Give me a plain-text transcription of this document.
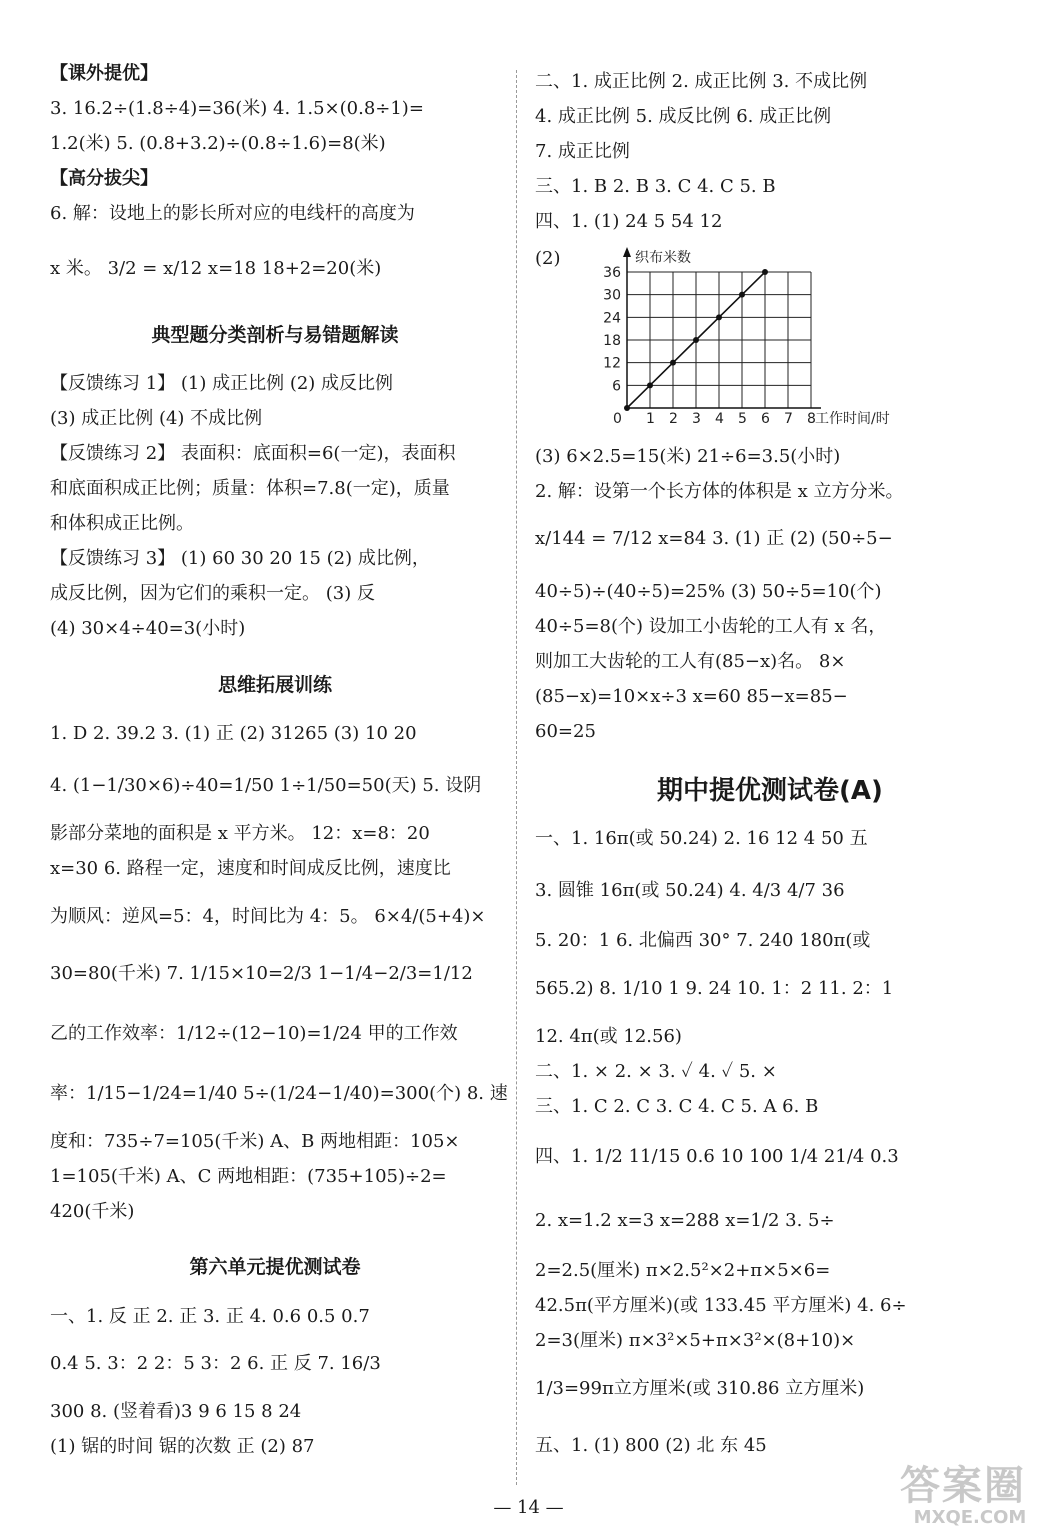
【课外提优】
3. 16.2÷(1.8÷4)=36(米) 4. 1.5×(0.8÷1)=
1.2(米) 5. (0.8+3.2)÷(0.8÷1.6)=8(米)
【高分拔尖】
6. 解：设地上的影长所对应的电线杆的高度为
x 米。 3/2 = x/12 x=18 18+2=20(米)
【反馈练习 1】 (1) 成正比例 (2) 成反比例
(3) 成正比例 (4) 不成比例
【反馈练习 2】 表面积：底面积=6(一定)，表面积
和底面积成正比例；质量：体积=7.8(一定)，质量
和体积成正比例。
【反馈练习 3】 (1) 60 30 20 15 (2) 成比例，
成反比例，因为它们的乘积一定。 (3) 反
(4) 30×4÷40=3(小时)
1. D 2. 39.2 3. (1) 正 (2) 31265 (3) 10 20
4. (1−1/30×6)÷40=1/50 1÷1/50=50(天) 5. 设阴
影部分菜地的面积是 x 平方米。 12：x=8：20
x=30 6. 路程一定，速度和时间成反比例，速度比
为顺风：逆风=5：4，时间比为 4：5。 6×4/(5+4)×
30=80(千米) 7. 1/15×10=2/3 1−1/4−2/3=1/12
乙的工作效率：1/12÷(12−10)=1/24 甲的工作效
率：1/15−1/24=1/40 5÷(1/24−1/40)=300(个) 8. 速
度和：735÷7=105(千米) A、B 两地相距：105×
1=105(千米) A、C 两地相距：(735+105)÷2=
420(千米)
一、1. 反 正 2. 正 3. 正 4. 0.6 0.5 0.7
0.4 5. 3：2 2：5 3：2 6. 正 反 7. 16/3
300 8. (竖着看)3 9 6 15 8 24
(1) 锯的时间 锯的次数 正 (2) 87
典型题分类剖析与易错题解读
思维拓展训练
第六单元提优测试卷
二、1. 成正比例 2. 成正比例 3. 不成比例
4. 成正比例 5. 成反比例 6. 成正比例
7. 成正比例
三、1. B 2. B 3. C 4. C 5. B
四、1. (1) 24 5 54 12
(2)
(3) 6×2.5=15(米) 21÷6=3.5(小时)
2. 解：设第一个长方体的体积是 x 立方分米。
x/144 = 7/12 x=84 3. (1) 正 (2) (50÷5−
40÷5)÷(40÷5)=25% (3) 50÷5=10(个)
40÷5=8(个) 设加工小齿轮的工人有 x 名，
则加工大齿轮的工人有(85−x)名。 8×
(85−x)=10×x÷3 x=60 85−x=85−
60=25
一、1. 16π(或 50.24) 2. 16 12 4 50 五
3. 圆锥 16π(或 50.24) 4. 4/3 4/7 36
5. 20：1 6. 北偏西 30° 7. 240 180π(或
565.2) 8. 1/10 1 9. 24 10. 1：2 11. 2：1
12. 4π(或 12.56)
二、1. × 2. × 3. ✓ 4. ✓ 5. ×
三、1. C 2. C 3. C 4. C 5. A 6. B
四、1. 1/2 11/15 0.6 10 100 1/4 21/4 0.3
2. x=1.2 x=3 x=288 x=1/2 3. 5÷
2=2.5(厘米) π×2.5²×2+π×5×6=
42.5π(平方厘米)(或 133.45 平方厘米) 4. 6÷
2=3(厘米) π×3²×5+π×3²×(8+10)×
1/3=99π立方厘米(或 310.86 立方厘米)
五、1. (1) 800 (2) 北 东 45
期中提优测试卷(A)
0 1 2 3 4 5 6 7 8
6
12
18
24
30
36
织布米数
工作时间/时
— 14 —	答案圈
MXQE.COM
